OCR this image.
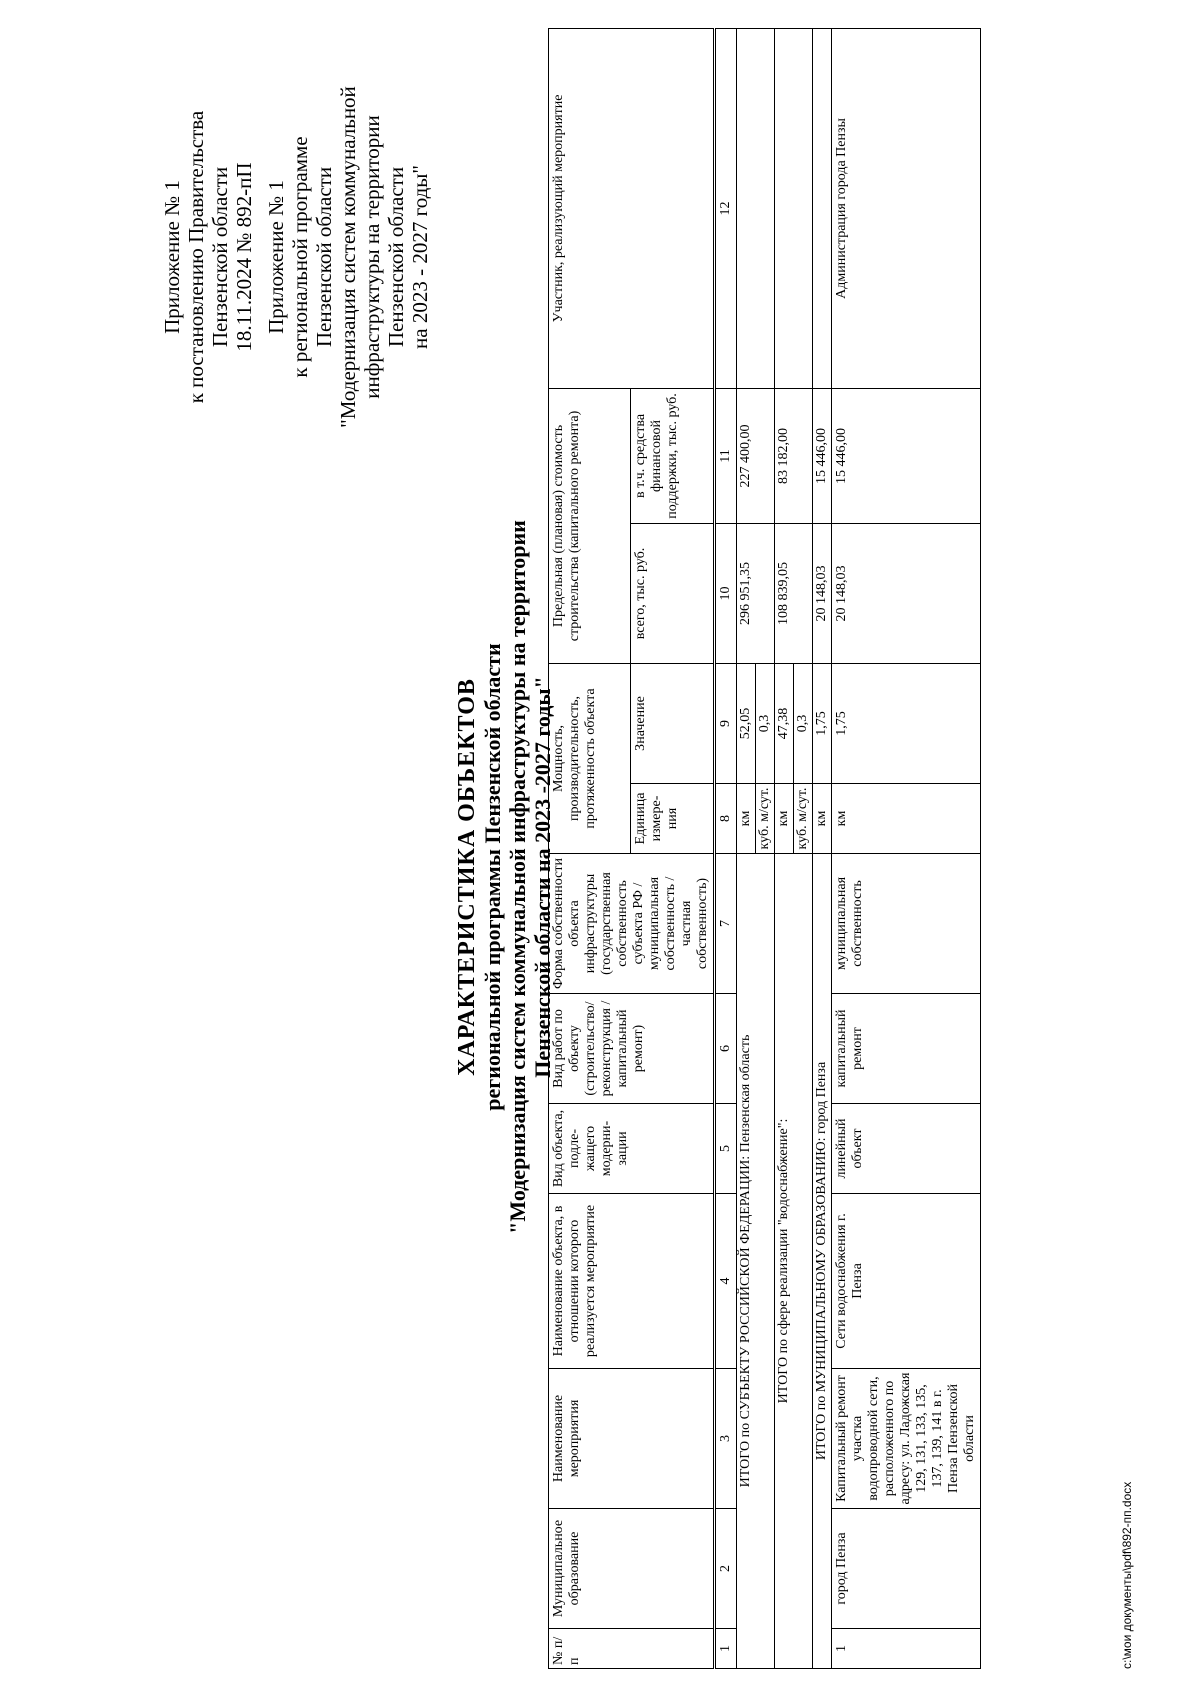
Приложение № 1 к постановлению Правительства Пензенской области 18.11.2024 № 892-пП Приложение № 1 к региональной программе Пензенской области "Модернизация систем коммунальной инфраструктуры на территории Пензенской области на 2023 - 2027 годы"
ХАРАКТЕРИСТИКА ОБЪЕКТОВ региональной программы Пензенской области "Модернизация систем коммунальной инфраструктуры на территории Пензенской области на 2023 -2027 годы"
№ п/п	Муниципальное образование	Наименование мероприятия	Наименование объекта, в отношении которого реализуется мероприятие	Вид объекта, подле-жащего модерни-зации	Вид работ по объекту (строительство/ реконструкция / капитальный ремонт)	Форма собственности объекта инфраструктуры (государственная собственность субъекта РФ / муниципальная собственность / частная собственность)	Мощность, производительность, протяженность объекта		Предельная (плановая) стоимость строительства (капитального ремонта)		Участник, реализующий мероприятие
							Единица измере-ния	Значение	всего, тыс. руб.	в т.ч. средства финансовой поддержки, тыс. руб.	
1	2	3	4	5	6	7	8	9	10	11	12
ИТОГО по СУБЪЕКТУ РОССИЙСКОЙ ФЕДЕРАЦИИ: Пензенская область							км	52,05	296 951,35	227 400,00	
							куб. м/сут.	0,3			
ИТОГО по сфере реализации "водоснабжение":							км	47,38	108 839,05	83 182,00	
							куб. м/сут.	0,3			
ИТОГО по МУНИЦИПАЛЬНОМУ ОБРАЗОВАНИЮ: город Пенза							км	1,75	20 148,03	15 446,00	
1	город Пенза	Капитальный ремонт участка водопроводной сети, расположенного по адресу: ул. Ладожская 129, 131, 133, 135, 137, 139, 141 в г. Пенза Пензенской области	Сети водоснабжения г. Пенза	линейный объект	капитальный ремонт	муниципальная собственность	км	1,75	20 148,03	15 446,00	Администрация города Пензы
c:\мои документы\pdf\892-пп.docx
